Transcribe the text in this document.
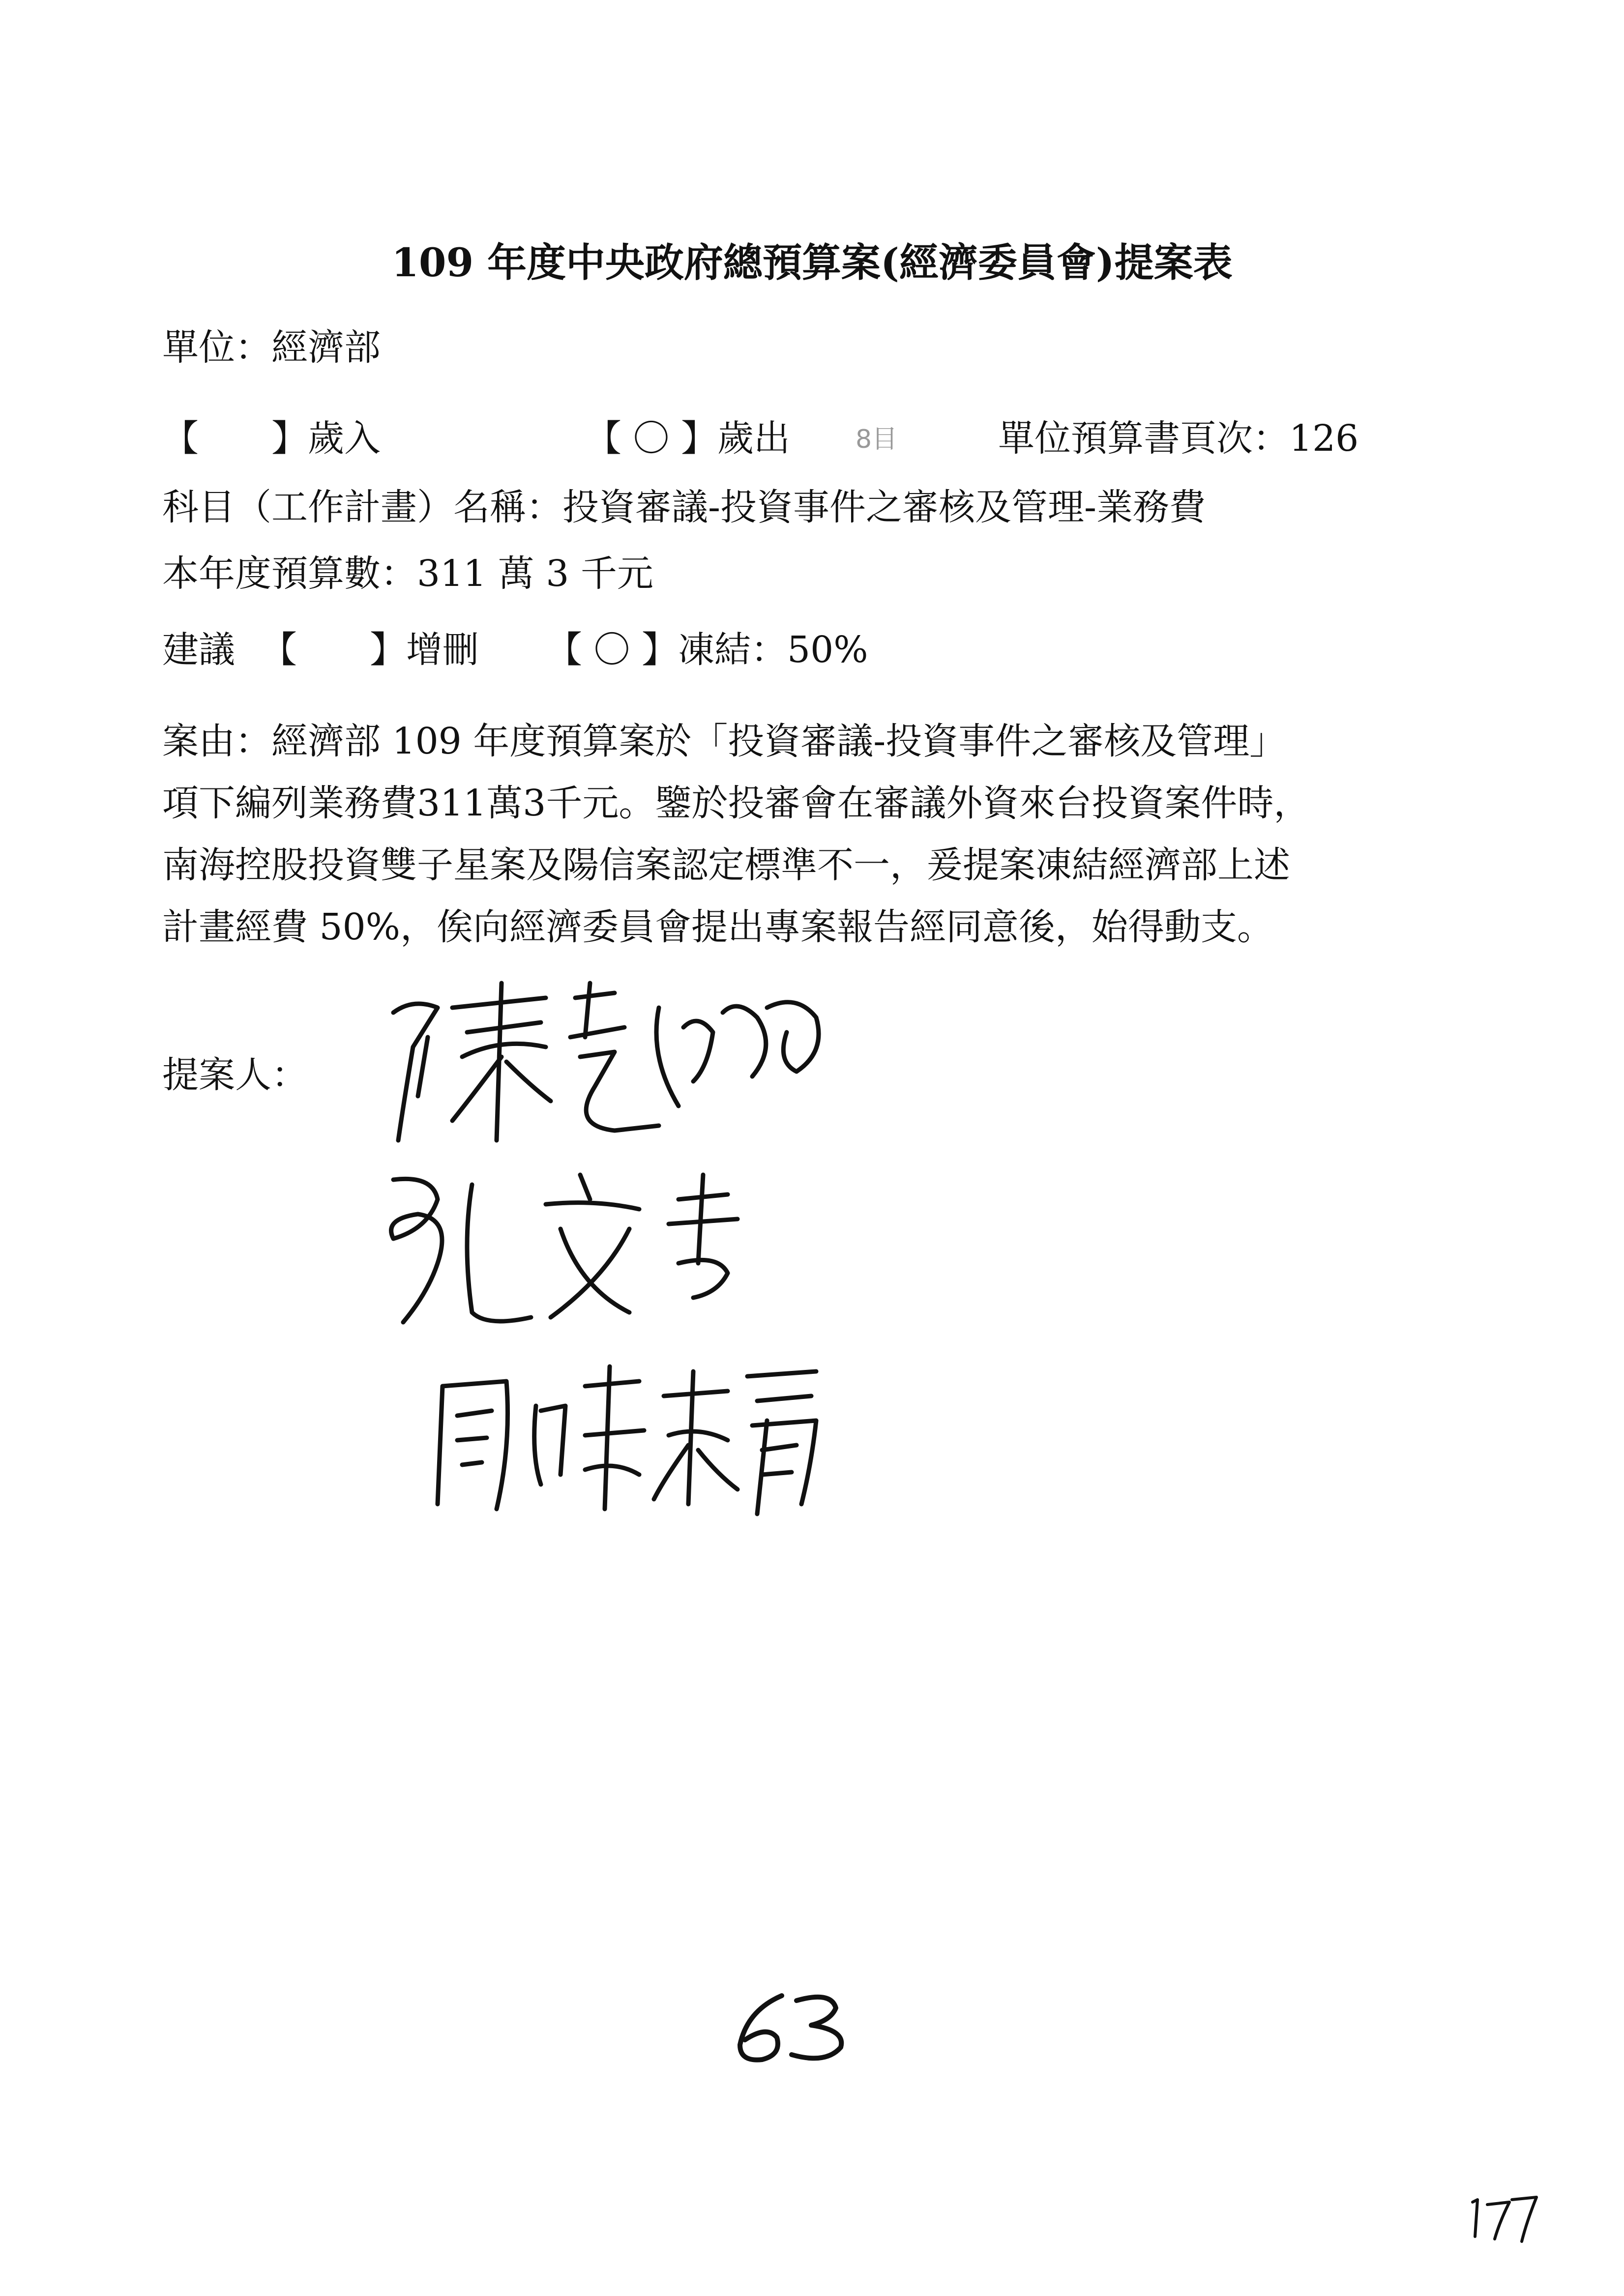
109 年度中央政府總預算案(經濟委員會)提案表
單位：經濟部
【　　】歲入	【 〇 】歲出	8目	單位預算書頁次：126
科目（工作計畫）名稱：投資審議-投資事件之審核及管理-業務費
本年度預算數：311 萬 3 千元
建議 【　　】增刪 【 〇 】凍結：50%
案由：經濟部 109 年度預算案於「投資審議-投資事件之審核及管理」
項下編列業務費311萬3千元。鑒於投審會在審議外資來台投資案件時，
南海控股投資雙子星案及陽信案認定標準不一，爰提案凍結經濟部上述
計畫經費 50%，俟向經濟委員會提出專案報告經同意後，始得動支。
提案人：
